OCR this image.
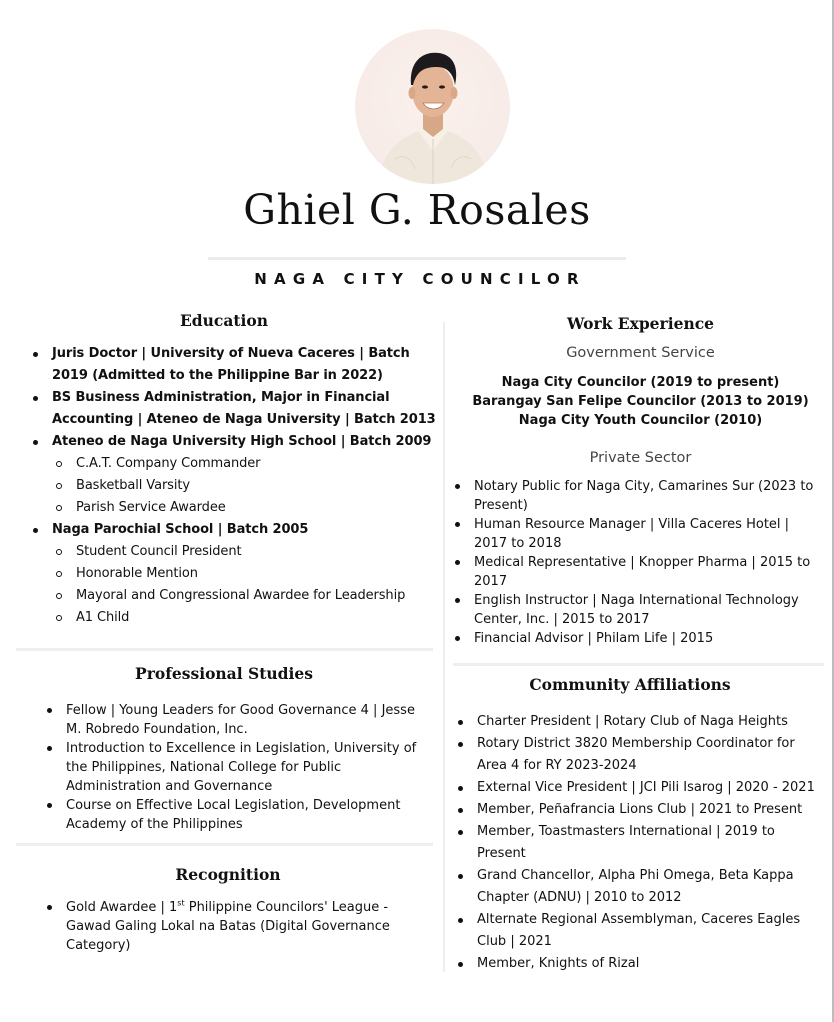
Ghiel G. Rosales
NAGA CITY COUNCILOR
Education
Juris Doctor | University of Nueva Caceres | Batch 2019 (Admitted to the Philippine Bar in 2022)
BS Business Administration, Major in Financial Accounting | Ateneo de Naga University | Batch 2013
Ateneo de Naga University High School | Batch 2009
C.A.T. Company Commander
Basketball Varsity
Parish Service Awardee
Naga Parochial School | Batch 2005
Student Council President
Honorable Mention
Mayoral and Congressional Awardee for Leadership
A1 Child
Professional Studies
Fellow | Young Leaders for Good Governance 4 | Jesse M. Robredo Foundation, Inc.
Introduction to Excellence in Legislation, University of the Philippines, National College for Public Administration and Governance
Course on Effective Local Legislation, Development Academy of the Philippines
Recognition
Gold Awardee | 1st Philippine Councilors' League - Gawad Galing Lokal na Batas (Digital Governance Category)
Work Experience
Government Service
Naga City Councilor (2019 to present)
Barangay San Felipe Councilor (2013 to 2019)
Naga City Youth Councilor (2010)
Private Sector
Notary Public for Naga City, Camarines Sur (2023 to Present)
Human Resource Manager | Villa Caceres Hotel | 2017 to 2018
Medical Representative | Knopper Pharma | 2015 to 2017
English Instructor | Naga International Technology Center, Inc. | 2015 to 2017
Financial Advisor | Philam Life | 2015
Community Affiliations
Charter President | Rotary Club of Naga Heights
Rotary District 3820 Membership Coordinator for Area 4 for RY 2023-2024
External Vice President | JCI Pili Isarog | 2020 - 2021
Member, Peñafrancia Lions Club | 2021 to Present
Member, Toastmasters International | 2019 to Present
Grand Chancellor, Alpha Phi Omega, Beta Kappa Chapter (ADNU) | 2010 to 2012
Alternate Regional Assemblyman, Caceres Eagles Club | 2021
Member, Knights of Rizal
